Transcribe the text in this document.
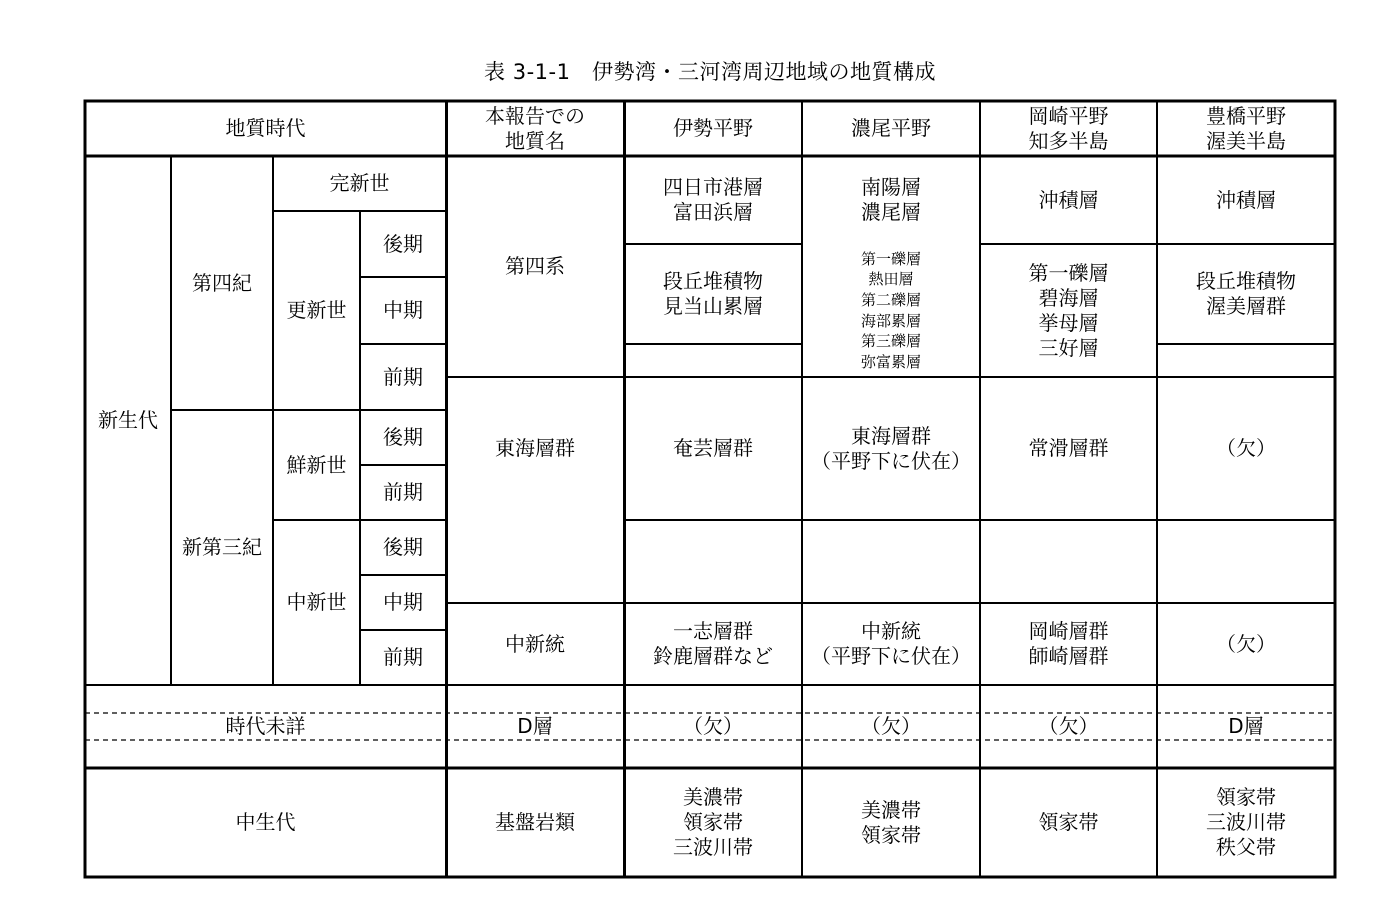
表 3-1-1　伊勢湾・三河湾周辺地域の地質構成
地質時代
本報告での
地質名
伊勢平野	濃尾平野
岡崎平野
知多半島
豊橋平野
渥美半島
新生代
第四紀
新第三紀
完新世
更新世
鮮新世
中新世
後期
中期
前期
後期
前期
後期
中期
前期
時代未詳
中生代
第四系
東海層群
中新統
D層
基盤岩類
四日市港層
富田浜層
段丘堆積物
見当山累層
奄芸層群
一志層群
鈴鹿層群など
（欠）
美濃帯
領家帯
三波川帯
南陽層
濃尾層
第一礫層
熱田層
第二礫層
海部累層
第三礫層
弥富累層
東海層群
（平野下に伏在）
中新統
（平野下に伏在）
（欠）
美濃帯
領家帯
沖積層
第一礫層
碧海層
挙母層
三好層
常滑層群
岡崎層群
師崎層群
（欠）
領家帯
沖積層
段丘堆積物
渥美層群
（欠）
（欠）
D層
領家帯
三波川帯
秩父帯
